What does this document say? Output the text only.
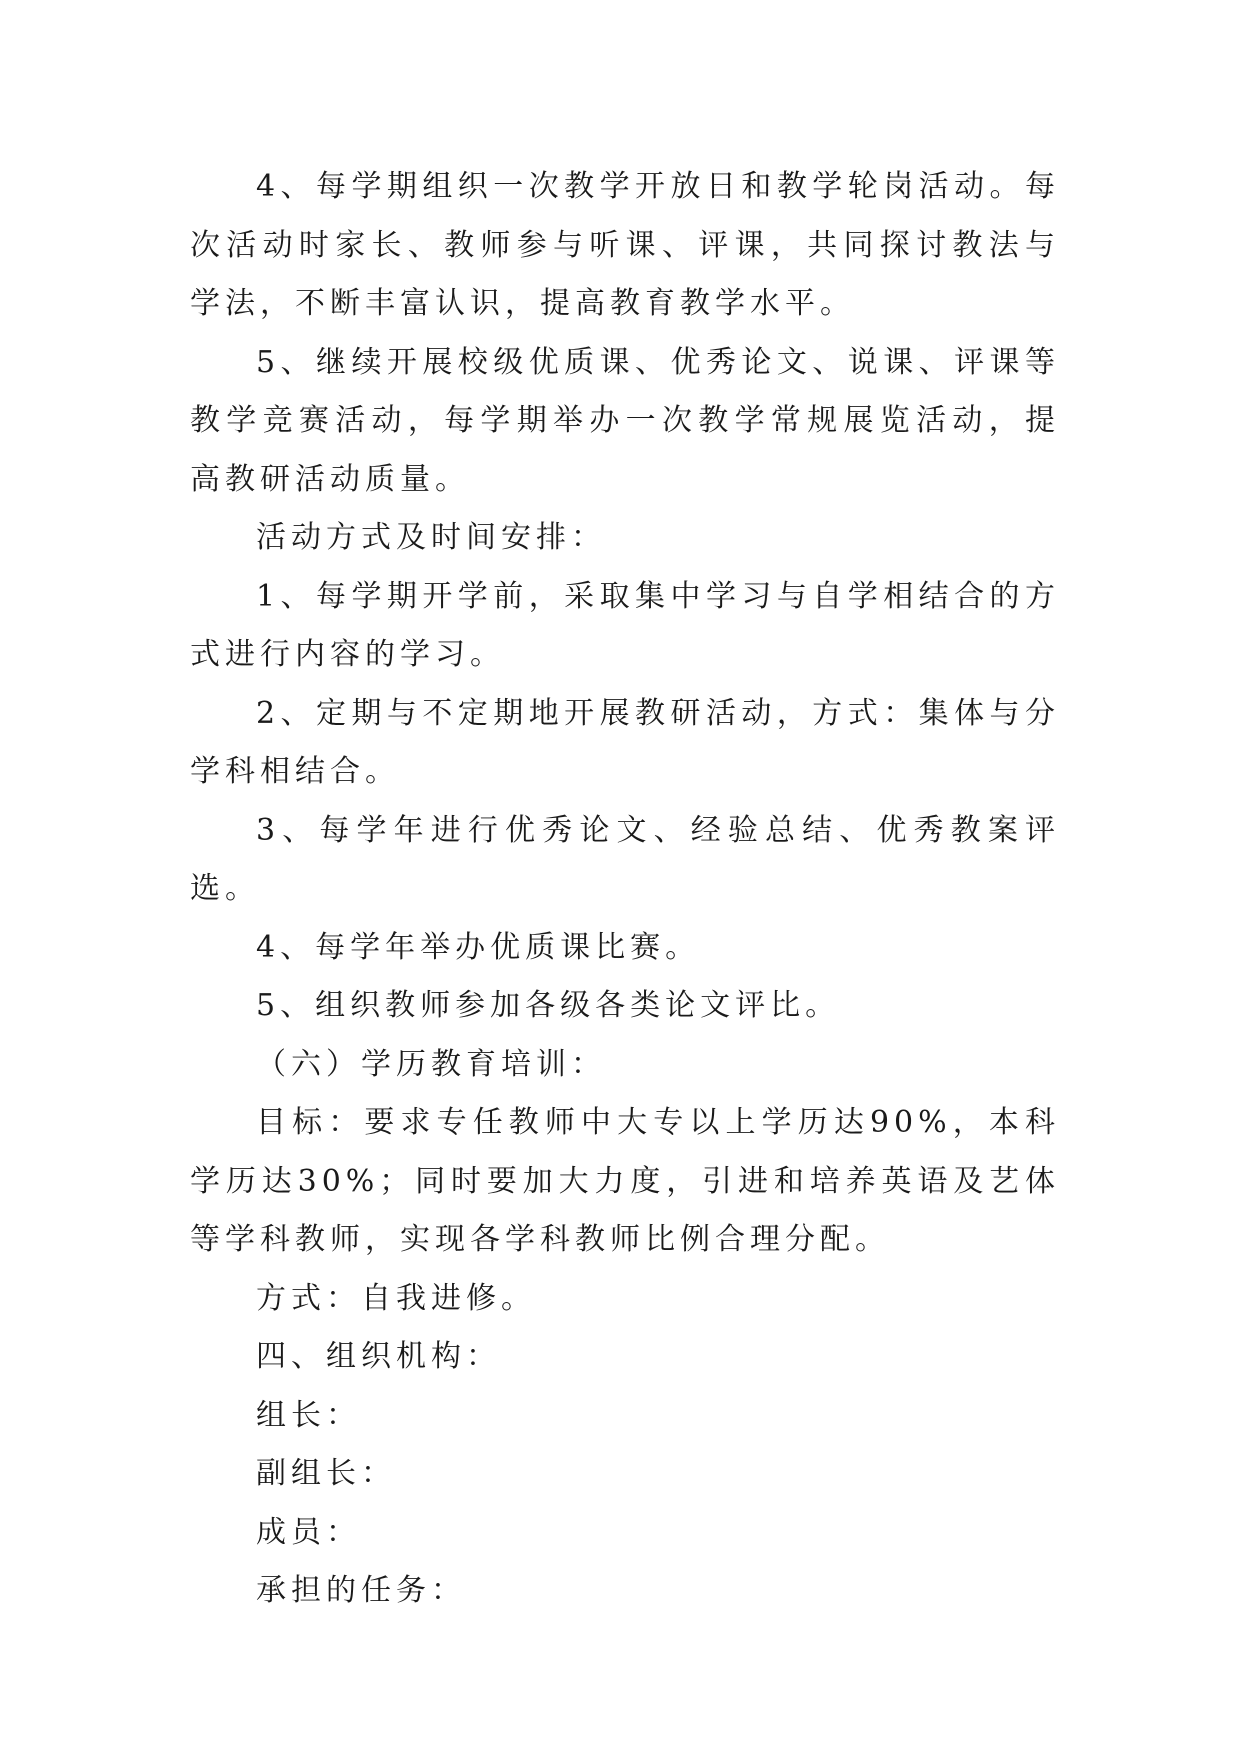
4、每学期组织一次教学开放日和教学轮岗活动。每次活动时家长、教师参与听课、评课，共同探讨教法与学法，不断丰富认识，提高教育教学水平。

5、继续开展校级优质课、优秀论文、说课、评课等教学竞赛活动，每学期举办一次教学常规展览活动，提高教研活动质量。

活动方式及时间安排：

1、每学期开学前，采取集中学习与自学相结合的方式进行内容的学习。

2、定期与不定期地开展教研活动，方式：集体与分学科相结合。

3、每学年进行优秀论文、经验总结、优秀教案评选。

4、每学年举办优质课比赛。

5、组织教师参加各级各类论文评比。

（六）学历教育培训：

目标：要求专任教师中大专以上学历达90%，本科学历达30%；同时要加大力度，引进和培养英语及艺体等学科教师，实现各学科教师比例合理分配。

方式：自我进修。

四、组织机构：

组长：

副组长：

成员：

承担的任务：
